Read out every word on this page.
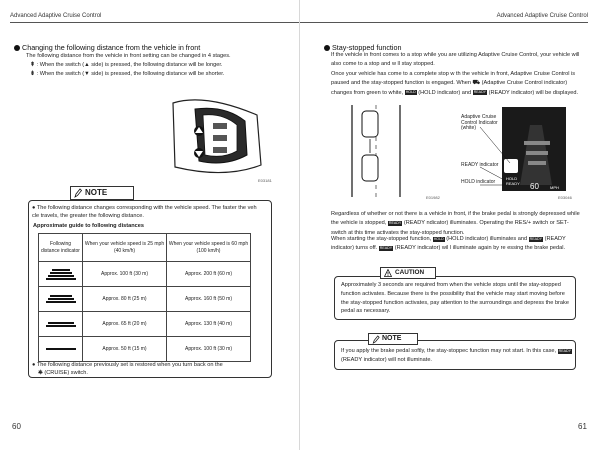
Advanced Adaptive Cruise Control
Changing the following distance from the vehicle in front
The following distance from the vehicle in front setting can be changed in 4 stages.
⇞ : When the switch (▲ side) is pressed, the following distance will be longer.
⇟ : When the switch (▼ side) is pressed, the following distance will be shorter.
E03181
NOTE
● The following distance changes corresponding with the vehicle speed. The faster the veh cle travels, the greater the following distance.
Approximate guide to following distances
Following distance indicator	When your vehicle speed is 25 mph (40 km/h)	When your vehicle speed is 60 mph (100 km/h)

	Approx. 100 ft (30 m)	Approx. 200 ft (60 m)

	Approx. 80 ft (25 m)	Approx. 160 ft (50 m)

	Approx. 65 ft (20 m)	Approx. 130 ft (40 m)

	Approx. 50 ft (15 m)	Approx. 100 ft (30 m)
● The following distance previously set is restored when you turn back on the
⎈ (CRUISE) switch.
60
Advanced Adaptive Cruise Control
Stay-stopped function
If the vehicle in front comes to a stop while you are utilizing Adaptive Cruise Control, your vehicle will also come to a stop and w ll stay stopped.
Once your vehicle has come to a complete stop w th the vehicle in front, Adaptive Cruise Control is paused and the stay-stopped function is engaged. When ⛟ (Adaptive Cruise Control indicator) changes from green to white, HOLD (HOLD indicator) and READY (READY indicator) will be displayed.
HOLD
READY 60	MPH
Adaptive Cruise Control Indicator (white)
READY indicator
HOLD indicator
E01982	E03046
Regardless of whether or not there is a vehicle in front, if the brake pedal is strongly depressed while the vehicle is stopped, READY (READY ndicator) illuminates. Operating the RES/+ switch or SET- switch at this time activates the stay-stopped function.
When starting the stay-stopped function, HOLD (HOLD indicator) illuminates and READY (READY indicator) turns off. READY (READY indicator) wil l illuminate again by re essing the brake pedal.
CAUTION
Approximately 3 seconds are required from when the vehicle stops until the stay-stopped function activates. Because there is the possibility that the vehicle may start moving before the stay-stopped function activates, pay attention to the surroundings and depress the brake pedal as necessary.
NOTE
If you apply the brake pedal softly, the stay-stoppec function may not start. In this case, READY (READY indicator) will not illuminate.
61
